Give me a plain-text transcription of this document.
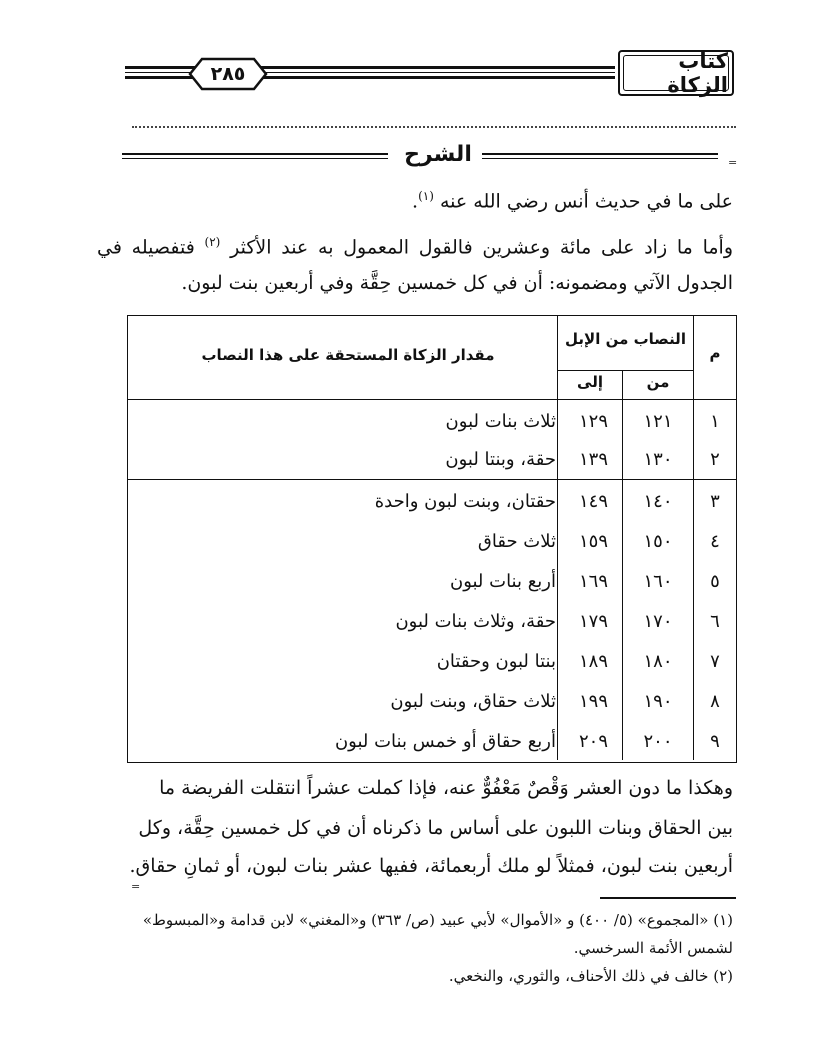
كتاب الزكاة
٢٨٥
الشرح	=
على ما في حديث أنس رضي الله عنه $^{(١)}$.
وأما ما زاد على مائة وعشرين فالقول المعمول به عند الأكثر $^{(٢)}$ فتفصيله في
الجدول الآتي ومضمونه: أن في كل خمسين حِقَّة وفي أربعين بنت لبون.
م
النصاب من الإبل
من
إلى
مقدار الزكاة المستحقة على هذا النصاب
١
١٢١
١٢٩
ثلاث بنات لبون
٢
١٣٠
١٣٩
حقة، وبنتا لبون
٣
١٤٠
١٤٩
حقتان، وبنت لبون واحدة
٤
١٥٠
١٥٩
ثلاث حقاق
٥
١٦٠
١٦٩
أربع بنات لبون
٦
١٧٠
١٧٩
حقة، وثلاث بنات لبون
٧
١٨٠
١٨٩
بنتا لبون وحقتان
٨
١٩٠
١٩٩
ثلاث حقاق، وبنت لبون
٩
٢٠٠
٢٠٩
أربع حقاق أو خمس بنات لبون
وهكذا ما دون العشر وَقْصٌ مَعْفُوٌّ عنه، فإذا كملت عشراً انتقلت الفريضة ما
بين الحقاق وبنات اللبون على أساس ما ذكرناه أن في كل خمسين حِقَّة، وكل
أربعين بنت لبون، فمثلاً لو ملك أربعمائة، ففيها عشر بنات لبون، أو ثمانِ حقاق.
=
(١) «المجموع» (٥/ ٤٠٠) و «الأموال» لأبي عبيد (ص/ ٣٦٣) و«المغني» لابن قدامة و«المبسوط»
لشمس الأئمة السرخسي.
(٢) خالف في ذلك الأحناف، والثوري، والنخعي.
